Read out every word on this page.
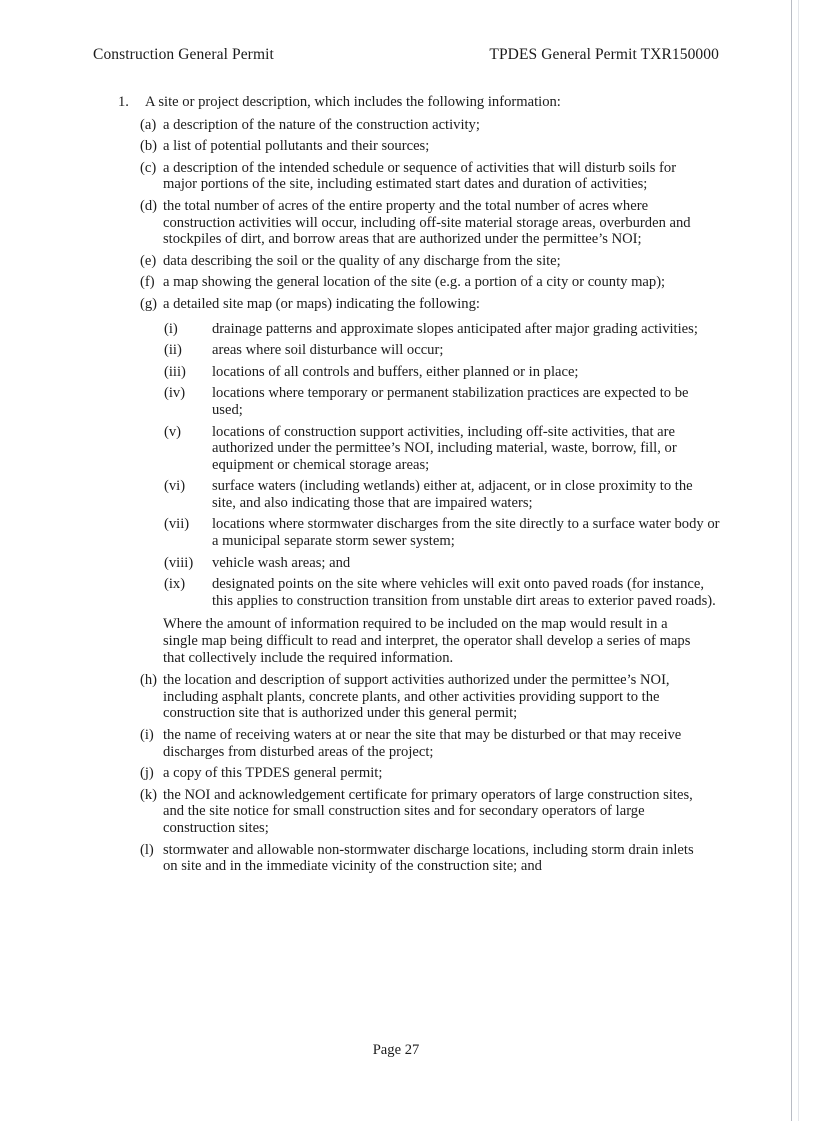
Construction General Permit	TPDES General Permit TXR150000
1.	A site or project description, which includes the following information:
(a) a description of the nature of the construction activity;
(b) a list of potential pollutants and their sources;
(c) a description of the intended schedule or sequence of activities that will disturb soils for major portions of the site, including estimated start dates and duration of activities;
(d) the total number of acres of the entire property and the total number of acres where construction activities will occur, including off-site material storage areas, overburden and stockpiles of dirt, and borrow areas that are authorized under the permittee’s NOI;
(e) data describing the soil or the quality of any discharge from the site;
(f) a map showing the general location of the site (e.g. a portion of a city or county map);
(g) a detailed site map (or maps) indicating the following:
(i)	drainage patterns and approximate slopes anticipated after major grading activities;
(ii)	areas where soil disturbance will occur;
(iii)	locations of all controls and buffers, either planned or in place;
(iv)	locations where temporary or permanent stabilization practices are expected to be used;
(v)	locations of construction support activities, including off-site activities, that are authorized under the permittee’s NOI, including material, waste, borrow, fill, or equipment or chemical storage areas;
(vi)	surface waters (including wetlands) either at, adjacent, or in close proximity to the site, and also indicating those that are impaired waters;
(vii)	locations where stormwater discharges from the site directly to a surface water body or a municipal separate storm sewer system;
(viii)	vehicle wash areas; and
(ix)	designated points on the site where vehicles will exit onto paved roads (for instance, this applies to construction transition from unstable dirt areas to exterior paved roads).
Where the amount of information required to be included on the map would result in a single map being difficult to read and interpret, the operator shall develop a series of maps that collectively include the required information.
(h) the location and description of support activities authorized under the permittee’s NOI, including asphalt plants, concrete plants, and other activities providing support to the construction site that is authorized under this general permit;
(i) the name of receiving waters at or near the site that may be disturbed or that may receive discharges from disturbed areas of the project;
(j) a copy of this TPDES general permit;
(k) the NOI and acknowledgement certificate for primary operators of large construction sites, and the site notice for small construction sites and for secondary operators of large construction sites;
(l) stormwater and allowable non-stormwater discharge locations, including storm drain inlets on site and in the immediate vicinity of the construction site; and
Page 27
